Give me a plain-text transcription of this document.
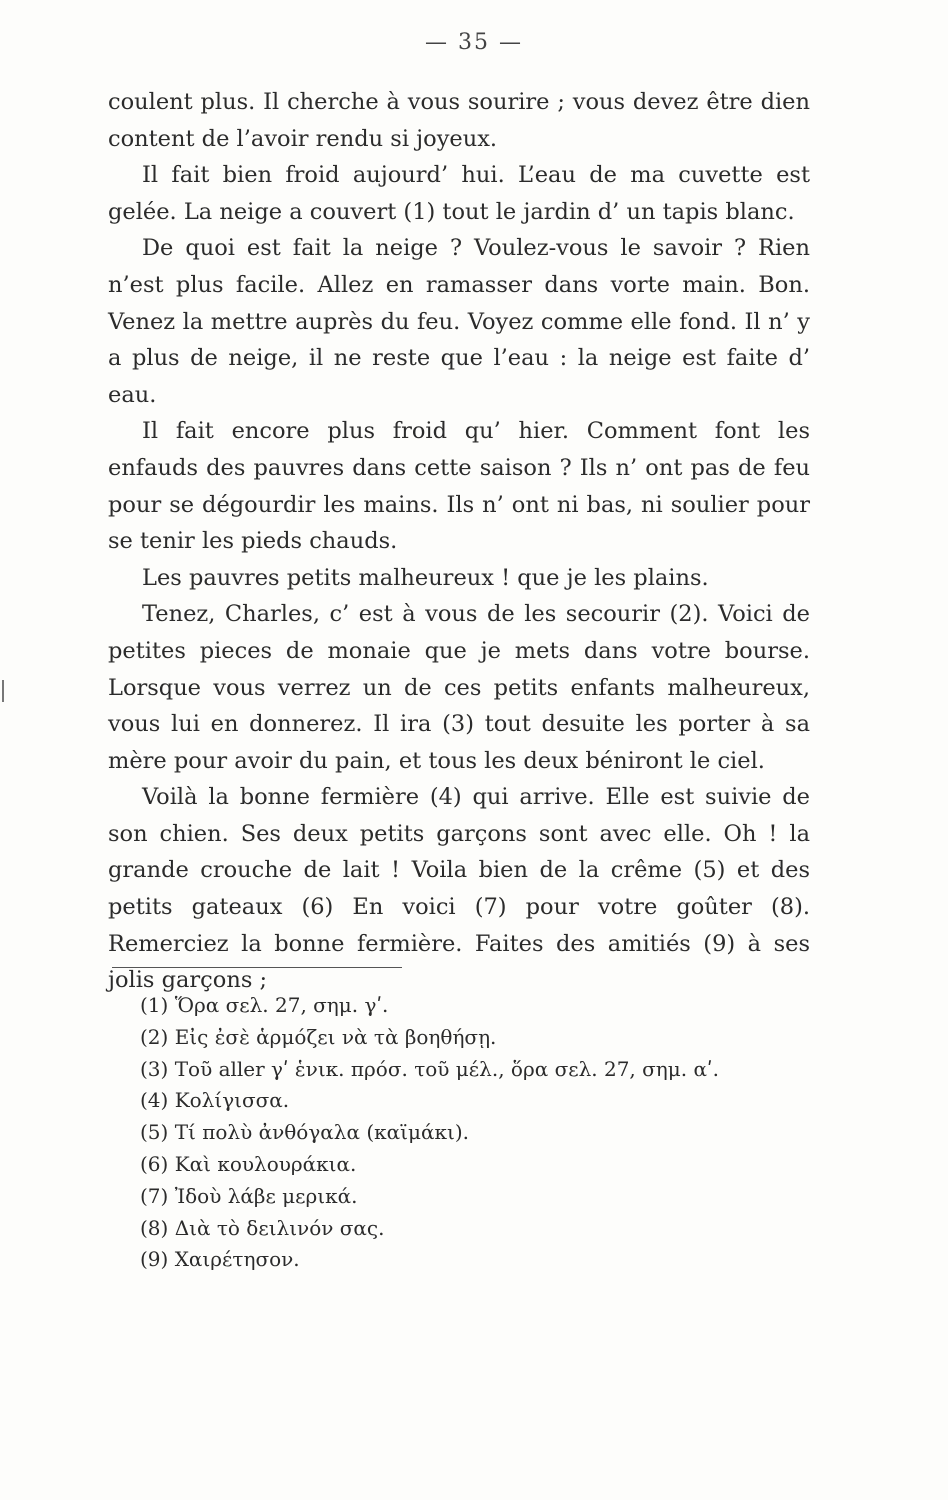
— 35 —

coulent plus. Il cherche à vous sourire ; vous devez être dien content de l’avoir rendu si joyeux.

Il fait bien froid aujourd’ hui. L’eau de ma cuvette est gelée. La neige a couvert (1) tout le jardin d’ un tapis blanc.

De quoi est fait la neige ? Voulez-vous le savoir ? Rien n’est plus facile. Allez en ramasser dans vorte main. Bon. Venez la mettre auprès du feu. Voyez comme elle fond. Il n’ y a plus de neige, il ne reste que l’eau : la neige est faite d’ eau.

Il fait encore plus froid qu’ hier. Comment font les enfauds des pauvres dans cette saison ? Ils n’ ont pas de feu pour se dégourdir les mains. Ils n’ ont ni bas, ni soulier pour se tenir les pieds chauds.

Les pauvres petits malheureux ! que je les plains.

Tenez, Charles, c’ est à vous de les secourir (2). Voici de petites pieces de monaie que je mets dans votre bourse. Lorsque vous verrez un de ces petits enfants malheureux, vous lui en donnerez. Il ira (3) tout desuite les porter à sa mère pour avoir du pain, et tous les deux béniront le ciel.

Voilà la bonne fermière (4) qui arrive. Elle est suivie de son chien. Ses deux petits garçons sont avec elle. Oh ! la grande crouche de lait ! Voila bien de la crême (5) et des petits gateaux (6) En voici (7) pour votre goûter (8). Remerciez la bonne fermière. Faites des amitiés (9) à ses jolis garçons ;

(1) Ὅρα σελ. 27, σημ. γʹ.
(2) Εἰς ἐσὲ ἁρμόζει νὰ τὰ βοηθήσῃ.
(3) Τοῦ aller γʹ ἑνικ. πρόσ. τοῦ μέλ., ὅρα σελ. 27, σημ. αʹ.
(4) Κολίγισσα.
(5) Τί πολὺ ἀνθόγαλα (καϊμάκι).
(6) Καὶ κουλουράκια.
(7) Ἰδοὺ λάβε μερικά.
(8) Διὰ τὸ δειλινόν σας.
(9) Χαιρέτησον.
